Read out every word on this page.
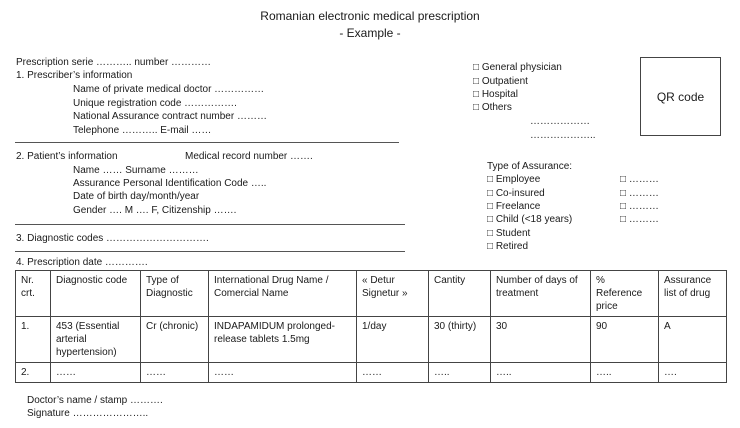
Romanian electronic medical prescription
- Example -
Prescription serie ……….. number …………
1. Prescriber’s information
Name of private medical doctor ……………
Unique registration code …………….
National Assurance contract number ………
Telephone ……….. E-mail ……
□ General physician
□ Outpatient
□ Hospital
□ Others
………………
………………..
QR code
2. Patient’s information	Medical record number …….
Name …… Surname ………
Assurance Personal Identification Code …..
Date of birth day/month/year
Gender …. M …. F, Citizenship …….
Type of Assurance:
□ Employee	□ ………
□ Co-insured	□ ………
□ Freelance	□ ………
□ Child (<18 years)	□ ………
□ Student
□ Retired
3. Diagnostic codes ………………………….
4. Prescription date ………….
Nr. crt.	Diagnostic code	Type of Diagnostic	International Drug Name / Comercial Name	« Detur Signetur »	Cantity	Number of days of treatment	% Reference price	Assurance list of drug
1.	453 (Essential arterial hypertension)	Cr (chronic)	INDAPAMIDUM prolonged-release tablets 1.5mg	1/day	30 (thirty)	30	90	A
2.	……	……	……	……	…..	…..	…..	….
Doctor’s name / stamp ……….
Signature …………………..
